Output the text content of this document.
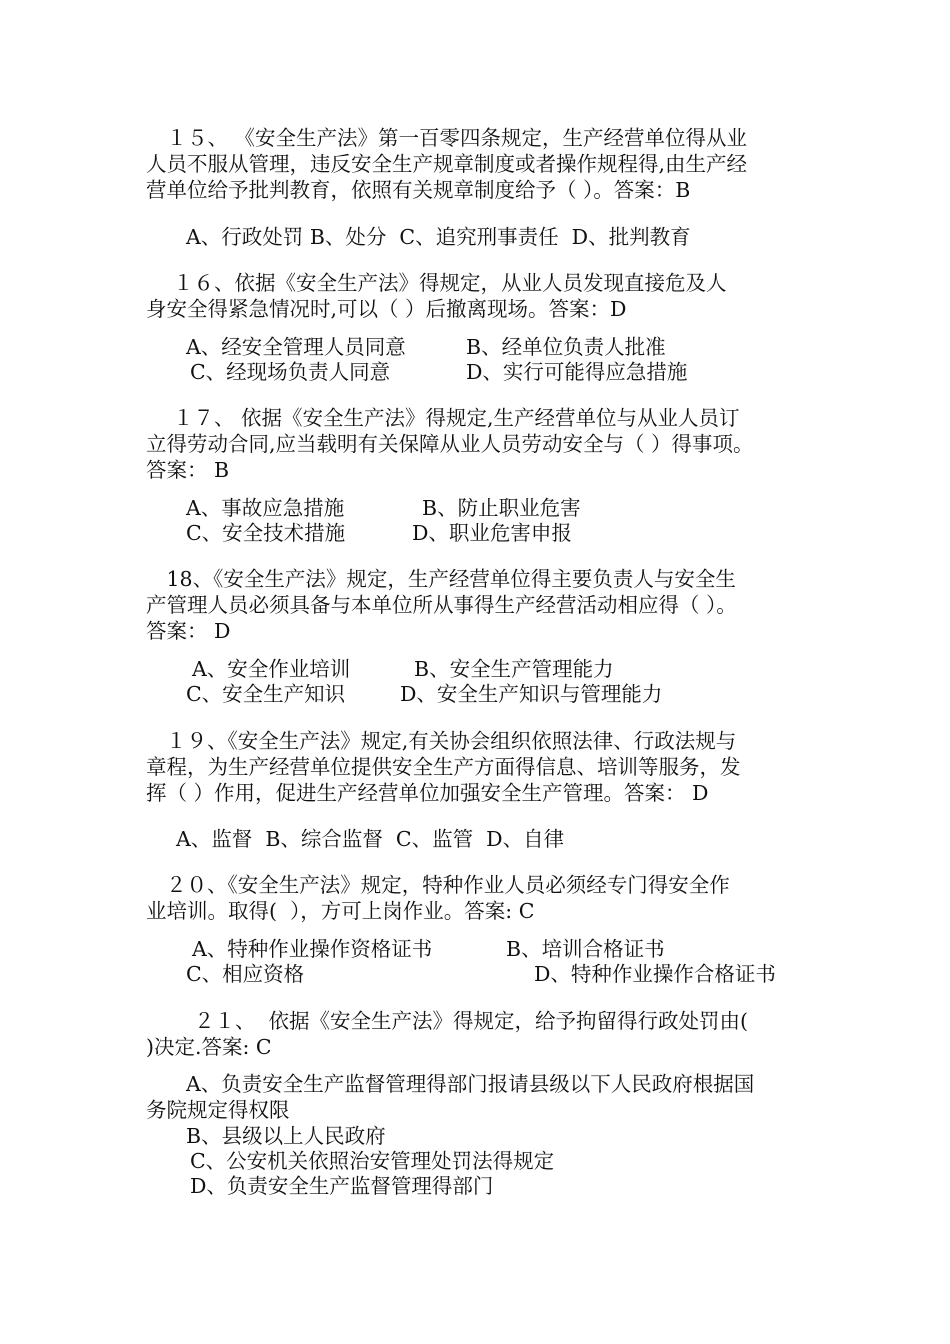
　１５、 《安全生产法》第一百零四条规定，生产经营单位得从业
人员不服从管理，违反安全生产规章制度或者操作规程得,由生产经
营单位给予批判教育，依照有关规章制度给予（ ）。答案：B
A、行政处罚 B、处分  C、追究刑事责任  D、批判教育
　 １６、依据《安全生产法》得规定，从业人员发现直接危及人
身安全得紧急情况时,可以（ ）后撤离现场。答案：D
A、经安全管理人员同意	B、经单位负责人批准
C、经现场负责人同意	D、实行可能得应急措施
　 １７、 依据《安全生产法》得规定,生产经营单位与从业人员订
立得劳动合同,应当载明有关保障从业人员劳动安全与（ ）得事项。
答案： B
A、事故应急措施	B、防止职业危害
C、安全技术措施	D、职业危害申报
　18、《安全生产法》规定，生产经营单位得主要负责人与安全生
产管理人员必须具备与本单位所从事得生产经营活动相应得（ ）。
答案： D
A、安全作业培训	B、安全生产管理能力
C、安全生产知识	D、安全生产知识与管理能力
１９、《安全生产法》规定,有关协会组织依照法律、行政法规与
章程，为生产经营单位提供安全生产方面得信息、培训等服务，发
挥（ ）作用，促进生产经营单位加强安全生产管理。答案： D
A、监督  B、综合监督  C、监管  D、自律
２０、《安全生产法》规定，特种作业人员必须经专门得安全作
业培训。取得(  ），方可上岗作业。答案: C
A、特种作业操作资格证书	B、培训合格证书
C、相应资格	D、特种作业操作合格证书
２１、  依据《安全生产法》得规定，给予拘留得行政处罚由(
)决定.答案: C
A、负责安全生产监督管理得部门报请县级以下人民政府根据国
务院规定得权限
B、县级以上人民政府
C、公安机关依照治安管理处罚法得规定
D、负责安全生产监督管理得部门
